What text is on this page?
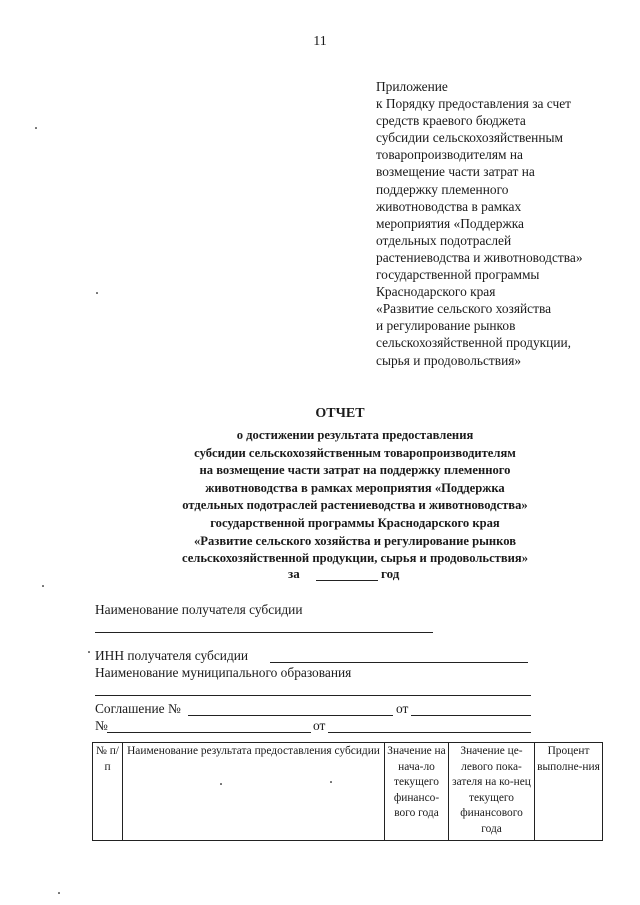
11
Приложение
к Порядку предоставления за счет
средств краевого бюджета
субсидии сельскохозяйственным
товаропроизводителям на
возмещение части затрат на
поддержку племенного
животноводства в рамках
мероприятия «Поддержка
отдельных подотраслей
растениеводства и животноводства»
государственной программы
Краснодарского края
«Развитие сельского хозяйства
и регулирование рынков
сельскохозяйственной продукции,
сырья и продовольствия»
ОТЧЕТ
о достижении результата предоставления
субсидии сельскохозяйственным товаропроизводителям
на возмещение части затрат на поддержку племенного
животноводства в рамках мероприятия «Поддержка
отдельных подотраслей растениеводства и животноводства»
государственной программы Краснодарского края
«Развитие сельского хозяйства и регулирование рынков
сельскохозяйственной продукции, сырья и продовольствия»
за	год
Наименование получателя субсидии
ИНН получателя субсидии
Наименование муниципального образования
Соглашение №	от
№	от
№ п/п	Наименование результата предоставления субсидии	Значение на нача-ло текущего финансо-вого года	Значение це-левого пока-зателя на ко-нец текущего финансового года	Процент выполне-ния
